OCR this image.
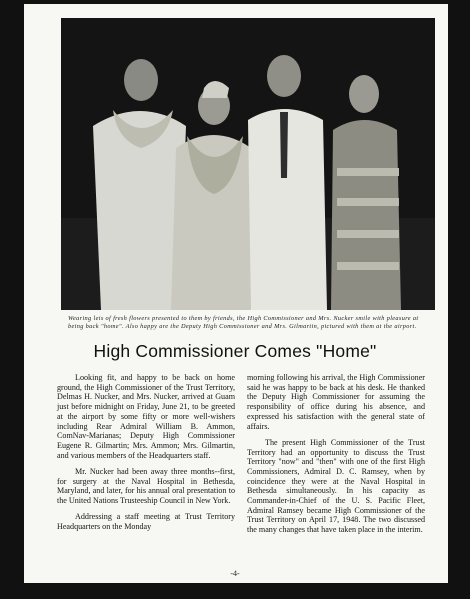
Wearing leis of fresh flowers presented to them by friends, the High Commissioner and Mrs. Nucker smile with pleasure at being back "home". Also happy are the Deputy High Commissioner and Mrs. Gilmartin, pictured with them at the airport.
High Commissioner Comes "Home"

Looking fit, and happy to be back on home ground, the High Commissioner of the Trust Territory, Delmas H. Nucker, and Mrs. Nucker, arrived at Guam just before midnight on Friday, June 21, to be greeted at the airport by some fifty or more well-wishers including Rear Admiral William B. Ammon, ComNav-Marianas; Deputy High Commissioner Eugene R. Gilmartin; Mrs. Ammon; Mrs. Gilmartin, and various members of the Headquarters staff.

Mr. Nucker had been away three months--first, for surgery at the Naval Hospital in Bethesda, Maryland, and later, for his annual oral presentation to the United Nations Trusteeship Council in New York.

Addressing a staff meeting at Trust Territory Headquarters on the Monday

morning following his arrival, the High Commissioner said he was happy to be back at his desk. He thanked the Deputy High Commissioner for assuming the responsibility of office during his absence, and expressed his satisfaction with the general state of affairs.

The present High Commissioner of the Trust Territory had an opportunity to discuss the Trust Territory "now" and "then" with one of the first High Commissioners, Admiral D. C. Ramsey, when by coincidence they were at the Naval Hospital in Bethesda simultaneously. In his capacity as Commander-in-Chief of the U. S. Pacific Fleet, Admiral Ramsey became High Commissioner of the Trust Territory on April 17, 1948. The two discussed the many changes that have taken place in the interim.

-4-
